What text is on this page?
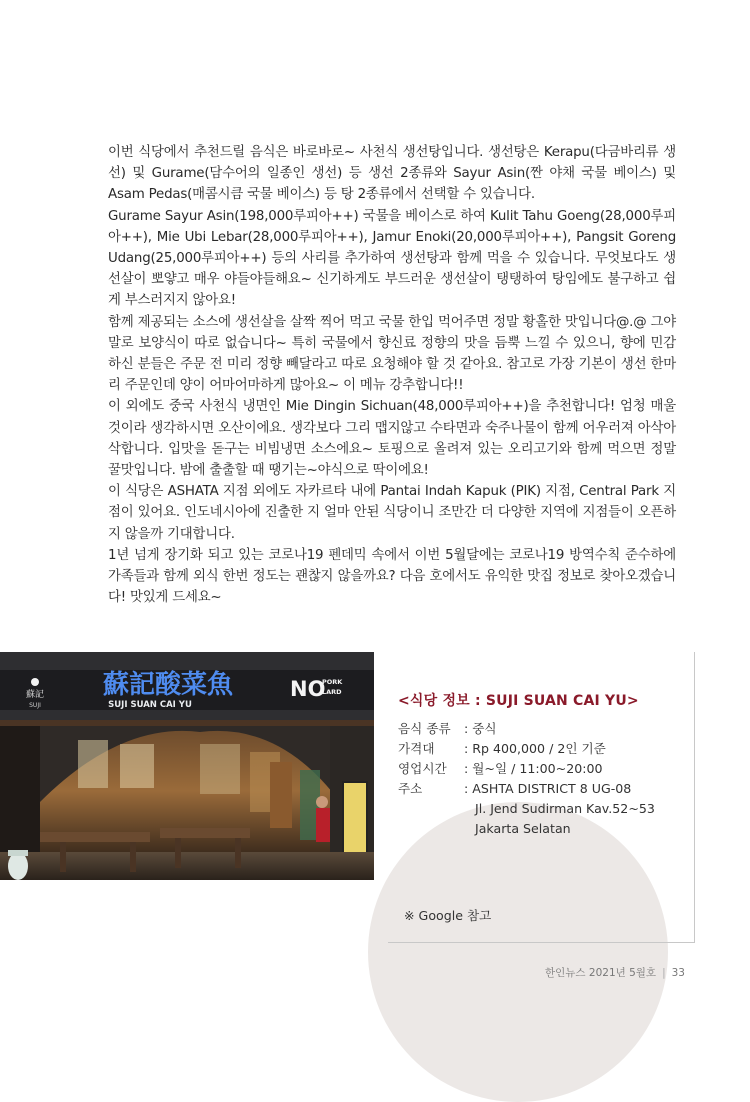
이번 식당에서 추천드릴 음식은 바로바로~ 사천식 생선탕입니다. 생선탕은 Kerapu(다금바리류 생선) 및 Gurame(담수어의 일종인 생선) 등 생선 2종류와 Sayur Asin(짠 야채 국물 베이스) 및 Asam Pedas(매콤시큼 국물 베이스) 등 탕 2종류에서 선택할 수 있습니다.

Gurame Sayur Asin(198,000루피아++) 국물을 베이스로 하여 Kulit Tahu Goeng(28,000루피아++), Mie Ubi Lebar(28,000루피아++), Jamur Enoki(20,000루피아++), Pangsit Goreng Udang(25,000루피아++) 등의 사리를 추가하여 생선탕과 함께 먹을 수 있습니다. 무엇보다도 생선살이 뽀얗고 매우 야들야들해요~ 신기하게도 부드러운 생선살이 탱탱하여 탕임에도 불구하고 쉽게 부스러지지 않아요!

함께 제공되는 소스에 생선살을 살짝 찍어 먹고 국물 한입 먹어주면 정말 황홀한 맛입니다@.@ 그야말로 보양식이 따로 없습니다~ 특히 국물에서 향신료 정향의 맛을 듬뿍 느낄 수 있으니, 향에 민감하신 분들은 주문 전 미리 정향 빼달라고 따로 요청해야 할 것 같아요. 참고로 가장 기본이 생선 한마리 주문인데 양이 어마어마하게 많아요~ 이 메뉴 강추합니다!!

이 외에도 중국 사천식 냉면인 Mie Dingin Sichuan(48,000루피아++)을 추천합니다! 엄청 매울 것이라 생각하시면 오산이에요. 생각보다 그리 맵지않고 수타면과 숙주나물이 함께 어우러져 아삭아삭합니다. 입맛을 돋구는 비빔냉면 소스에요~ 토핑으로 올려져 있는 오리고기와 함께 먹으면 정말 꿀맛입니다. 밤에 출출할 때 땡기는~야식으로 딱이에요!

이 식당은 ASHATA 지점 외에도 자카르타 내에 Pantai Indah Kapuk (PIK) 지점, Central Park 지점이 있어요. 인도네시아에 진출한 지 얼마 안된 식당이니 조만간 더 다양한 지역에 지점들이 오픈하지 않을까 기대합니다.

1년 넘게 장기화 되고 있는 코로나19 펜데믹 속에서 이번 5월달에는 코로나19 방역수칙 준수하에 가족들과 함께 외식 한번 정도는 괜찮지 않을까요? 다음 호에서도 유익한 맛집 정보로 찾아오겠습니다! 맛있게 드세요~

蘇記
SUJI
蘇記酸菜魚
SUJI SUAN CAI YU
NO
PORK
LARD

<식당 정보 : SUJI SUAN CAI YU>

음식 종류	: 중식
가격대	: Rp 400,000 / 2인 기준
영업시간	: 월~일 / 11:00~20:00
주소	: ASHTA DISTRICT 8 UG-08
Jl. Jend Sudirman Kav.52~53
Jakarta Selatan
※ Google 참고
한인뉴스 2021년 5월호 | 33
